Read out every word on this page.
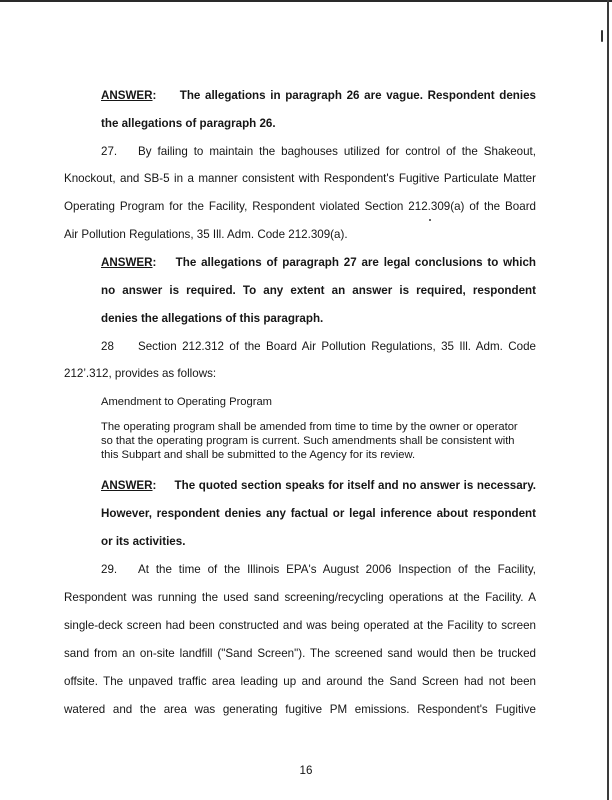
ANSWER:     The allegations in paragraph 26 are vague. Respondent denies
the allegations of paragraph 26.
27. By failing to maintain the baghouses utilized for control of the Shakeout,
Knockout, and SB-5 in a manner consistent with Respondent's Fugitive Particulate Matter
Operating Program for the Facility, Respondent violated Section 212.309(a) of the Board
Air Pollution Regulations, 35 Ill. Adm. Code 212.309(a).
ANSWER:    The allegations of paragraph 27 are legal conclusions to which
no answer is required. To any extent an answer is required, respondent
denies the allegations of this paragraph.
28 Section 212.312 of the Board Air Pollution Regulations, 35 Ill. Adm. Code
212’.312, provides as follows:
Amendment to Operating Program
The operating program shall be amended from time to time by the owner or operator
so that the operating program is current. Such amendments shall be consistent with
this Subpart and shall be submitted to the Agency for its review.
ANSWER:     The quoted section speaks for itself and no answer is necessary.
However, respondent denies any factual or legal inference about respondent
or its activities.
29. At the time of the Illinois EPA's August 2006 Inspection of the Facility,
Respondent was running the used sand screening/recycling operations at the Facility. A
single-deck screen had been constructed and was being operated at the Facility to screen
sand from an on-site landfill ("Sand Screen"). The screened sand would then be trucked
offsite. The unpaved traffic area leading up and around the Sand Screen had not been
watered and the area was generating fugitive PM emissions. Respondent's Fugitive
16
